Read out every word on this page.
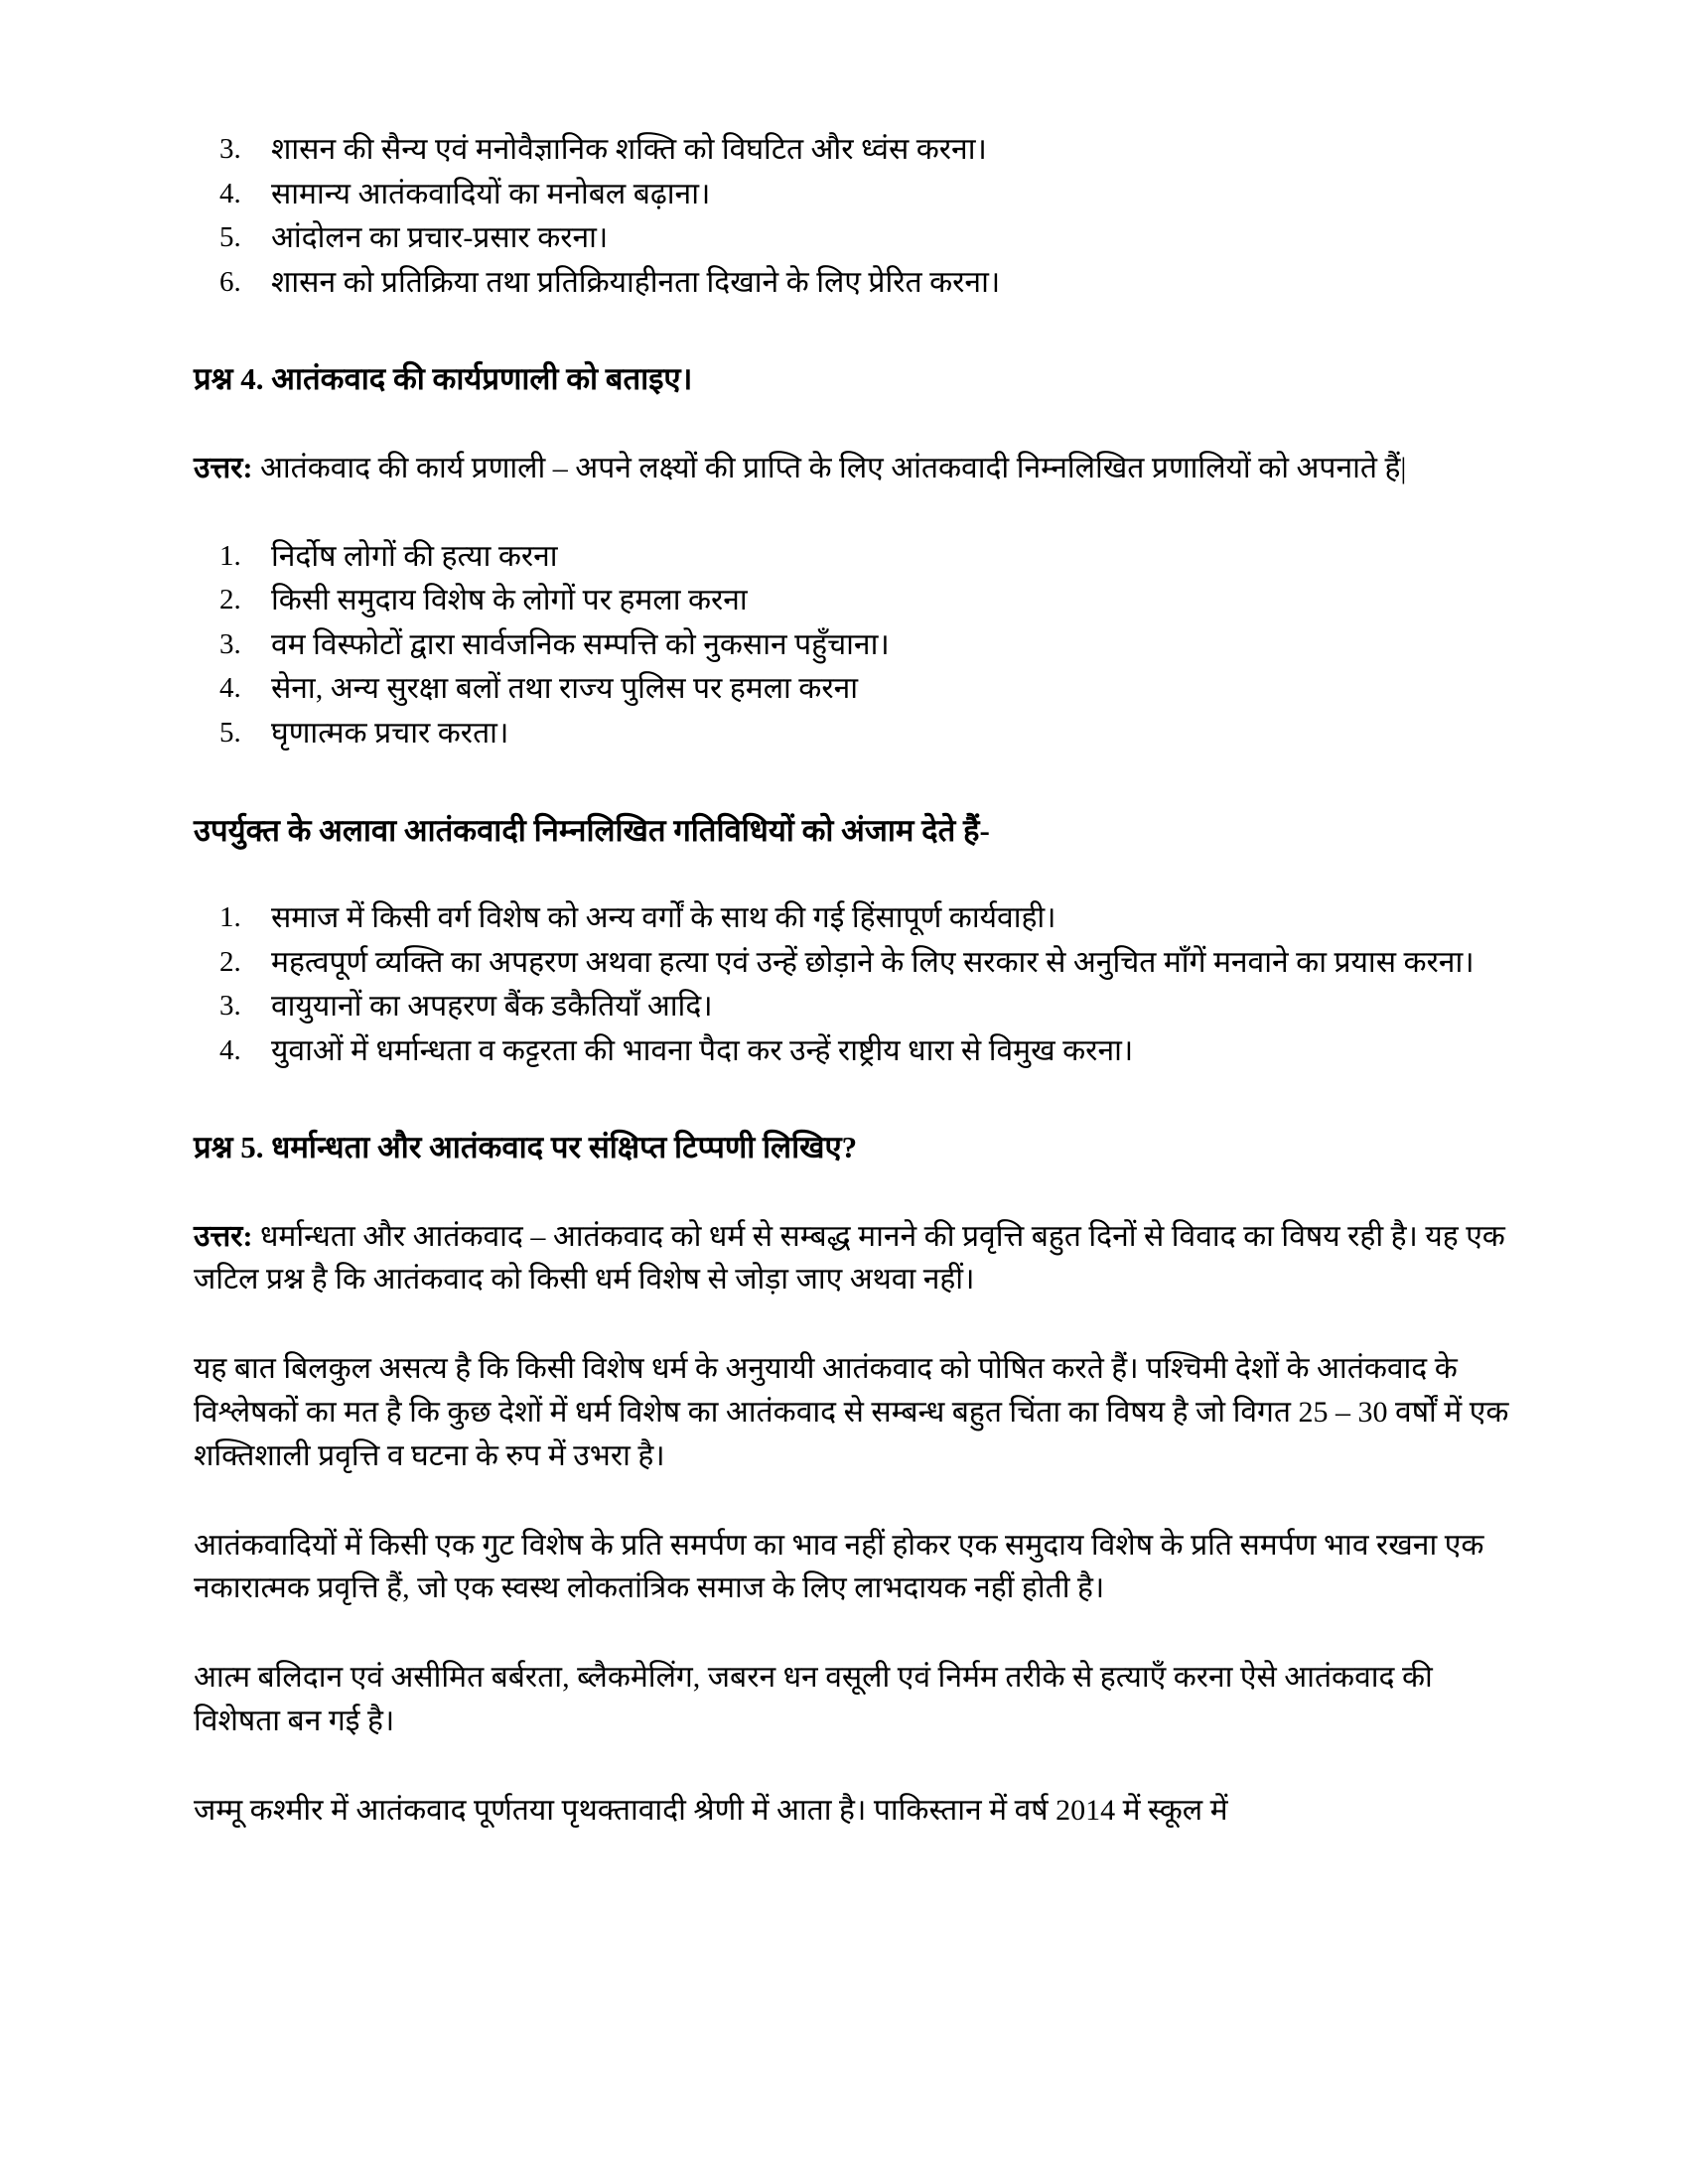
3.	शासन की सैन्य एवं मनोवैज्ञानिक शक्ति को विघटित और ध्वंस करना।
4.	सामान्य आतंकवादियों का मनोबल बढ़ाना।
5.	आंदोलन का प्रचार-प्रसार करना।
6.	शासन को प्रतिक्रिया तथा प्रतिक्रियाहीनता दिखाने के लिए प्रेरित करना।

प्रश्न 4. आतंकवाद की कार्यप्रणाली को बताइए।

उत्तर: आतंकवाद की कार्य प्रणाली – अपने लक्ष्यों की प्राप्ति के लिए आंतकवादी निम्नलिखित प्रणालियों को अपनाते हैं|

1.	निर्दोष लोगों की हत्या करना
2.	किसी समुदाय विशेष के लोगों पर हमला करना
3.	वम विस्फोटों द्वारा सार्वजनिक सम्पत्ति को नुकसान पहुँचाना।
4.	सेना, अन्य सुरक्षा बलों तथा राज्य पुलिस पर हमला करना
5.	घृणात्मक प्रचार करता।

उपर्युक्त के अलावा आतंकवादी निम्नलिखित गतिविधियों को अंजाम देते हैं-

1.	समाज में किसी वर्ग विशेष को अन्य वर्गों के साथ की गई हिंसापूर्ण कार्यवाही।
2.	महत्वपूर्ण व्यक्ति का अपहरण अथवा हत्या एवं उन्हें छोड़ाने के लिए सरकार से अनुचित माँगें मनवाने का प्रयास करना।
3.	वायुयानों का अपहरण बैंक डकैतियाँ आदि।
4.	युवाओं में धर्मान्धता व कट्टरता की भावना पैदा कर उन्हें राष्ट्रीय धारा से विमुख करना।

प्रश्न 5. धर्मान्धता और आतंकवाद पर संक्षिप्त टिप्पणी लिखिए?

उत्तर: धर्मान्धता और आतंकवाद – आतंकवाद को धर्म से सम्बद्ध मानने की प्रवृत्ति बहुत दिनों से विवाद का विषय रही है। यह एक जटिल प्रश्न है कि आतंकवाद को किसी धर्म विशेष से जोड़ा जाए अथवा नहीं।

यह बात बिलकुल असत्य है कि किसी विशेष धर्म के अनुयायी आतंकवाद को पोषित करते हैं। पश्चिमी देशों के आतंकवाद के विश्लेषकों का मत है कि कुछ देशों में धर्म विशेष का आतंकवाद से सम्बन्ध बहुत चिंता का विषय है जो विगत 25 – 30 वर्षों में एक शक्तिशाली प्रवृत्ति व घटना के रुप में उभरा है।

आतंकवादियों में किसी एक गुट विशेष के प्रति समर्पण का भाव नहीं होकर एक समुदाय विशेष के प्रति समर्पण भाव रखना एक नकारात्मक प्रवृत्ति हैं, जो एक स्वस्थ लोकतांत्रिक समाज के लिए लाभदायक नहीं होती है।

आत्म बलिदान एवं असीमित बर्बरता, ब्लैकमेलिंग, जबरन धन वसूली एवं निर्मम तरीके से हत्याएँ करना ऐसे आतंकवाद की विशेषता बन गई है।

जम्मू कश्मीर में आतंकवाद पूर्णतया पृथक्तावादी श्रेणी में आता है। पाकिस्तान में वर्ष 2014 में स्कूल में
